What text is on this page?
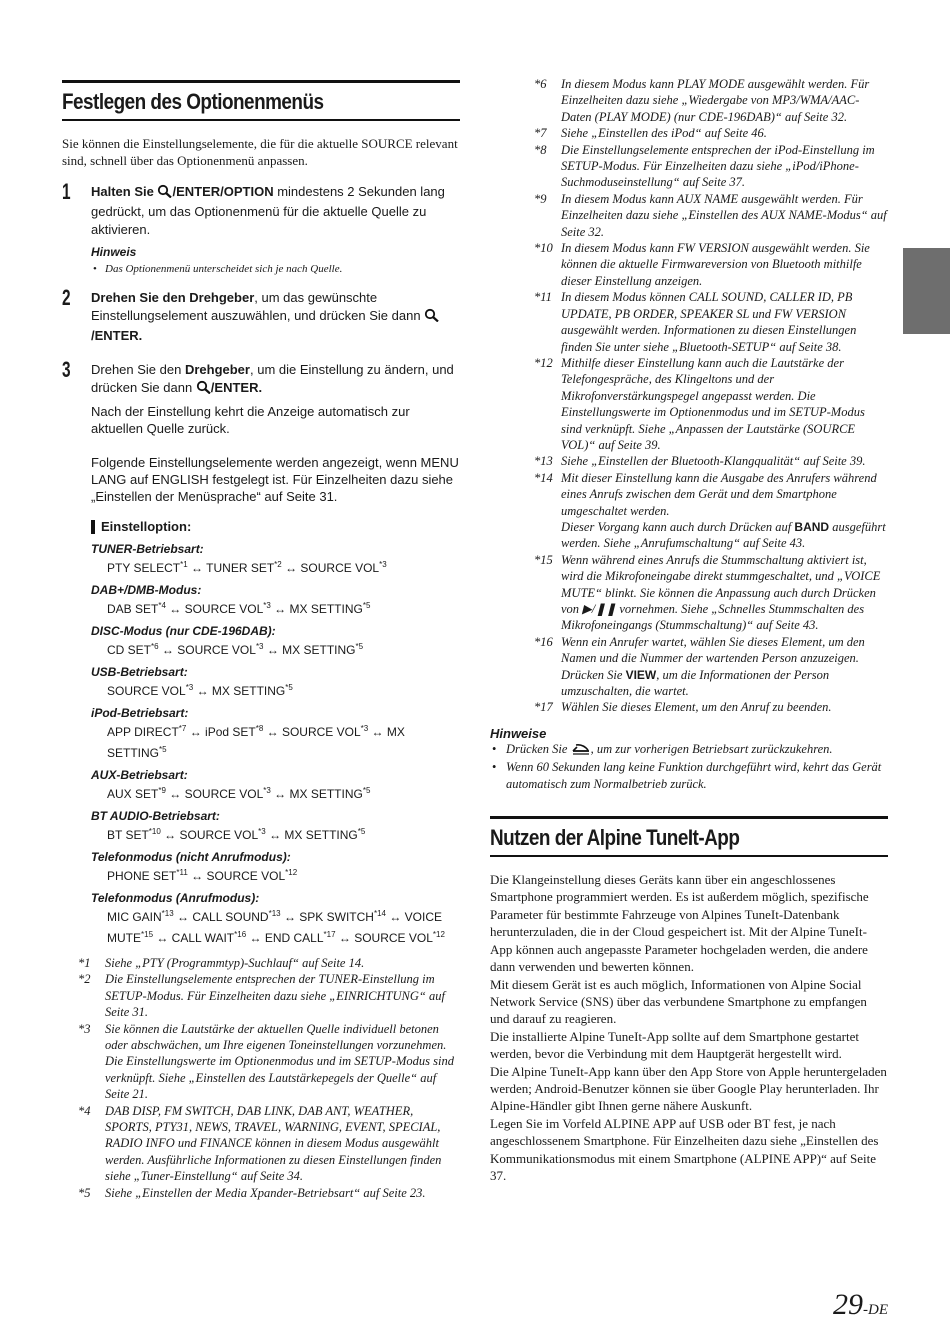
Festlegen des Optionenmenüs

Sie können die Einstellungselemente, die für die aktuelle SOURCE relevant sind, schnell über das Optionenmenü anpassen.

1 Halten Sie /ENTER/OPTION mindestens 2 Sekunden lang gedrückt, um das Optionenmenü für die aktuelle Quelle zu aktivieren.
Hinweis
• Das Optionenmenü unterscheidet sich je nach Quelle.
2 Drehen Sie den Drehgeber, um das gewünschte Einstellungselement auszuwählen, und drücken Sie dann /ENTER.
3 Drehen Sie den Drehgeber, um die Einstellung zu ändern, und drücken Sie dann /ENTER.
Nach der Einstellung kehrt die Anzeige automatisch zur aktuellen Quelle zurück.
Folgende Einstellungselemente werden angezeigt, wenn MENU LANG auf ENGLISH festgelegt ist. Für Einzelheiten dazu siehe „Einstellen der Menüsprache“ auf Seite 31.
Einstelloption:
TUNER-Betriebsart:
PTY SELECT$^{*1}$ ↔ TUNER SET$^{*2}$ ↔ SOURCE VOL$^{*3}$
DAB+/DMB-Modus:
DAB SET$^{*4}$ ↔ SOURCE VOL$^{*3}$ ↔ MX SETTING$^{*5}$
DISC-Modus (nur CDE-196DAB):
CD SET$^{*6}$ ↔ SOURCE VOL$^{*3}$ ↔ MX SETTING$^{*5}$
USB-Betriebsart:
SOURCE VOL$^{*3}$ ↔ MX SETTING$^{*5}$
iPod-Betriebsart:
APP DIRECT$^{*7}$ ↔ iPod SET$^{*8}$ ↔ SOURCE VOL$^{*3}$ ↔ MX SETTING$^{*5}$
AUX-Betriebsart:
AUX SET$^{*9}$ ↔ SOURCE VOL$^{*3}$ ↔ MX SETTING$^{*5}$
BT AUDIO-Betriebsart:
BT SET$^{*10}$ ↔ SOURCE VOL$^{*3}$ ↔ MX SETTING$^{*5}$
Telefonmodus (nicht Anrufmodus):
PHONE SET$^{*11}$ ↔ SOURCE VOL$^{*12}$
Telefonmodus (Anrufmodus):
MIC GAIN$^{*13}$ ↔ CALL SOUND$^{*13}$ ↔ SPK SWITCH$^{*14}$ ↔ VOICE MUTE$^{*15}$ ↔ CALL WAIT$^{*16}$ ↔ END CALL$^{*17}$ ↔ SOURCE VOL$^{*12}$
*1 Siehe „PTY (Programmtyp)-Suchlauf“ auf Seite 14.
*2 Die Einstellungselemente entsprechen der TUNER-Einstellung im SETUP-Modus. Für Einzelheiten dazu siehe „EINRICHTUNG“ auf Seite 31.
*3 Sie können die Lautstärke der aktuellen Quelle individuell betonen oder abschwächen, um Ihre eigenen Toneinstellungen vorzunehmen. Die Einstellungswerte im Optionenmodus und im SETUP-Modus sind verknüpft. Siehe „Einstellen des Lautstärkepegels der Quelle“ auf Seite 21.
*4 DAB DISP, FM SWITCH, DAB LINK, DAB ANT, WEATHER, SPORTS, PTY31, NEWS, TRAVEL, WARNING, EVENT, SPECIAL, RADIO INFO und FINANCE können in diesem Modus ausgewählt werden. Ausführliche Informationen zu diesen Einstellungen finden siehe „Tuner-Einstellung“ auf Seite 34.
*5 Siehe „Einstellen der Media Xpander-Betriebsart“ auf Seite 23.
*6 In diesem Modus kann PLAY MODE ausgewählt werden. Für Einzelheiten dazu siehe „Wiedergabe von MP3/WMA/AAC-Daten (PLAY MODE) (nur CDE-196DAB)“ auf Seite 32.
*7 Siehe „Einstellen des iPod“ auf Seite 46.
*8 Die Einstellungselemente entsprechen der iPod-Einstellung im SETUP-Modus. Für Einzelheiten dazu siehe „iPod/iPhone-Suchmoduseinstellung“ auf Seite 37.
*9 In diesem Modus kann AUX NAME ausgewählt werden. Für Einzelheiten dazu siehe „Einstellen des AUX NAME-Modus“ auf Seite 32.
*10 In diesem Modus kann FW VERSION ausgewählt werden. Sie können die aktuelle Firmwareversion von Bluetooth mithilfe dieser Einstellung anzeigen.
*11 In diesem Modus können CALL SOUND, CALLER ID, PB UPDATE, PB ORDER, SPEAKER SL und FW VERSION ausgewählt werden. Informationen zu diesen Einstellungen finden Sie unter siehe „Bluetooth-SETUP“ auf Seite 38.
*12 Mithilfe dieser Einstellung kann auch die Lautstärke der Telefongespräche, des Klingeltons und der Mikrofonverstärkungspegel angepasst werden. Die Einstellungswerte im Optionenmodus und im SETUP-Modus sind verknüpft. Siehe „Anpassen der Lautstärke (SOURCE VOL)“ auf Seite 39.
*13 Siehe „Einstellen der Bluetooth-Klangqualität“ auf Seite 39.
*14 Mit dieser Einstellung kann die Ausgabe des Anrufers während eines Anrufs zwischen dem Gerät und dem Smartphone umgeschaltet werden.
Dieser Vorgang kann auch durch Drücken auf BAND ausgeführt werden. Siehe „Anrufumschaltung“ auf Seite 43.
*15 Wenn während eines Anrufs die Stummschaltung aktiviert ist, wird die Mikrofoneingabe direkt stummgeschaltet, und „VOICE MUTE“ blinkt. Sie können die Anpassung auch durch Drücken von ▶/❚❚ vornehmen. Siehe „Schnelles Stummschalten des Mikrofoneingangs (Stummschaltung)“ auf Seite 43.
*16 Wenn ein Anrufer wartet, wählen Sie dieses Element, um den Namen und die Nummer der wartenden Person anzuzeigen. Drücken Sie VIEW, um die Informationen der Person umzuschalten, die wartet.
*17 Wählen Sie dieses Element, um den Anruf zu beenden.
Hinweise
• Drücken Sie , um zur vorherigen Betriebsart zurückzukehren.
• Wenn 60 Sekunden lang keine Funktion durchgeführt wird, kehrt das Gerät automatisch zum Normalbetrieb zurück.
Nutzen der Alpine TuneIt-App
Die Klangeinstellung dieses Geräts kann über ein angeschlossenes Smartphone programmiert werden. Es ist außerdem möglich, spezifische Parameter für bestimmte Fahrzeuge von Alpines TuneIt-Datenbank herunterzuladen, die in der Cloud gespeichert ist. Mit der Alpine TuneIt-App können auch angepasste Parameter hochgeladen werden, die andere dann verwenden und bewerten können.
Mit diesem Gerät ist es auch möglich, Informationen von Alpine Social Network Service (SNS) über das verbundene Smartphone zu empfangen und darauf zu reagieren.
Die installierte Alpine TuneIt-App sollte auf dem Smartphone gestartet werden, bevor die Verbindung mit dem Hauptgerät hergestellt wird.
Die Alpine TuneIt-App kann über den App Store von Apple heruntergeladen werden; Android-Benutzer können sie über Google Play herunterladen. Ihr Alpine-Händler gibt Ihnen gerne nähere Auskunft.
Legen Sie im Vorfeld ALPINE APP auf USB oder BT fest, je nach angeschlossenem Smartphone. Für Einzelheiten dazu siehe „Einstellen des Kommunikationsmodus mit einem Smartphone (ALPINE APP)“ auf Seite 37.
29-DE
